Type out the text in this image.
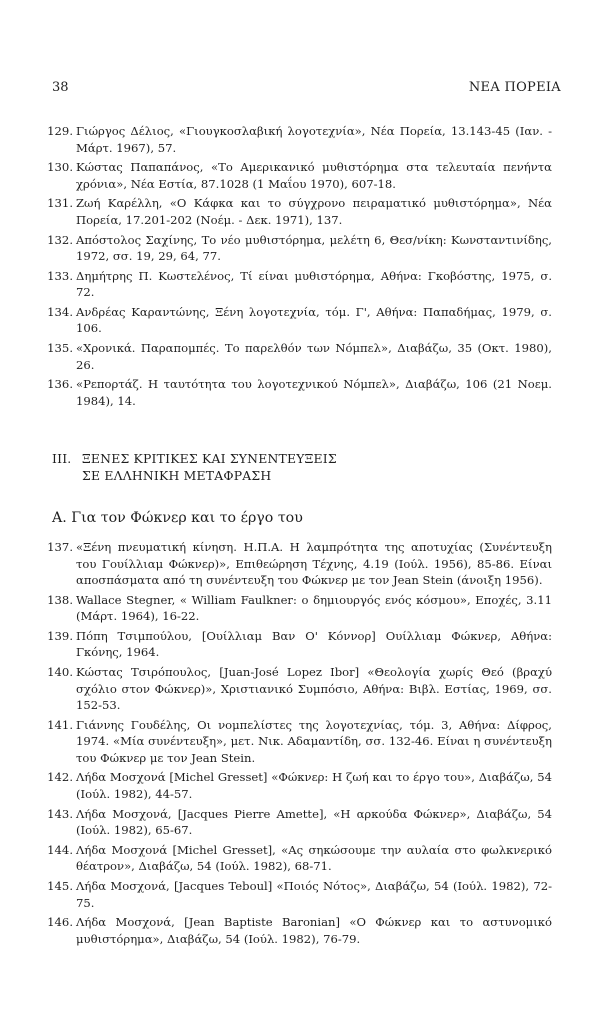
38	ΝΕΑ ΠΟΡΕΙΑ
129 . Γιώργος Δέλιος, «Γιουγκοσλαβική λογοτεχνία», Νέα Πορεία, 13.143-45 (Ιαν. - Μάρτ. 1967), 57.
130 . Κώστας Παπαπάνος, «Το Αμερικανικό μυθιστόρημα στα τελευταία πενήντα χρόνια», Νέα Εστία, 87.1028 (1 Μαΐου 1970), 607-18.
131 . Ζωή Καρέλλη, «Ο Κάφκα και το σύγχρονο πειραματικό μυθιστόρημα», Νέα Πορεία, 17.201-202 (Νοέμ. - Δεκ. 1971), 137.
132 . Απόστολος Σαχίνης, Το νέο μυθιστόρημα, μελέτη 6, Θεσ/νίκη: Κωνσταντινίδης, 1972, σσ. 19, 29, 64, 77.
133 . Δημήτρης Π. Κωστελένος, Τί είναι μυθιστόρημα, Αθήνα: Γκοβόστης, 1975, σ. 72.
134 . Ανδρέας Καραντώνης, Ξένη λογοτεχνία, τόμ. Γ', Αθήνα: Παπαδήμας, 1979, σ. 106.
135 . «Χρονικά. Παραπομπές. Το παρελθόν των Νόμπελ», Διαβάζω, 35 (Οκτ. 1980), 26.
136 . «Ρεπορτάζ. Η ταυτότητα του λογοτεχνικού Νόμπελ», Διαβάζω, 106 (21 Νοεμ. 1984), 14.
III. ΞΕΝΕΣ ΚΡΙΤΙΚΕΣ ΚΑΙ ΣΥΝΕΝΤΕΥΞΕΙΣ
ΣΕ ΕΛΛΗΝΙΚΗ ΜΕΤΑΦΡΑΣΗ
Α. Για τον Φώκνερ και το έργο του
137 . «Ξένη πνευματική κίνηση. Η.Π.Α. Η λαμπρότητα της αποτυχίας (Συνέντευξη του Γουίλλιαμ Φώκνερ)», Επιθεώρηση Τέχνης, 4.19 (Ιούλ. 1956), 85-86. Είναι αποσπάσματα από τη συνέντευξη του Φώκνερ με τον Jean Stein (άνοιξη 1956).
138 . Wallace Stegner, « William Faulkner: ο δημιουργός ενός κόσμου», Εποχές, 3.11 (Μάρτ. 1964), 16-22.
139 . Πόπη Τσιμπούλου, [Ουίλλιαμ Βαν Ο' Κόννορ] Ουίλλιαμ Φώκνερ, Αθήνα: Γκόνης, 1964.
140 . Κώστας Τσιρόπουλος, [Juan-José Lopez Ibor] «Θεολογία χωρίς Θεό (βραχύ σχόλιο στον Φώκνερ)», Χριστιανικό Συμπόσιο, Αθήνα: Βιβλ. Εστίας, 1969, σσ. 152-53.
141 . Γιάννης Γουδέλης, Οι νομπελίστες της λογοτεχνίας, τόμ. 3, Αθήνα: Δίφρος, 1974. «Μία συνέντευξη», μετ. Νικ. Αδαμαντίδη, σσ. 132-46. Είναι η συνέντευξη του Φώκνερ με τον Jean Stein.
142 . Λήδα Μοσχονά [Michel Gresset] «Φώκνερ: Η ζωή και το έργο του», Διαβάζω, 54 (Ιούλ. 1982), 44-57.
143 . Λήδα Μοσχονά, [Jacques Pierre Amette], «Η αρκούδα Φώκνερ», Διαβάζω, 54 (Ιούλ. 1982), 65-67.
144 . Λήδα Μοσχονά [Michel Gresset], «Ας σηκώσουμε την αυλαία στο φωλκνερικό θέατρον», Διαβάζω, 54 (Ιούλ. 1982), 68-71.
145 . Λήδα Μοσχονά, [Jacques Teboul] «Ποιός Νότος», Διαβάζω, 54 (Ιούλ. 1982), 72-75.
146 . Λήδα Μοσχονά, [Jean Baptiste Baronian] «Ο Φώκνερ και το αστυνομικό μυθιστόρημα», Διαβάζω, 54 (Ιούλ. 1982), 76-79.
